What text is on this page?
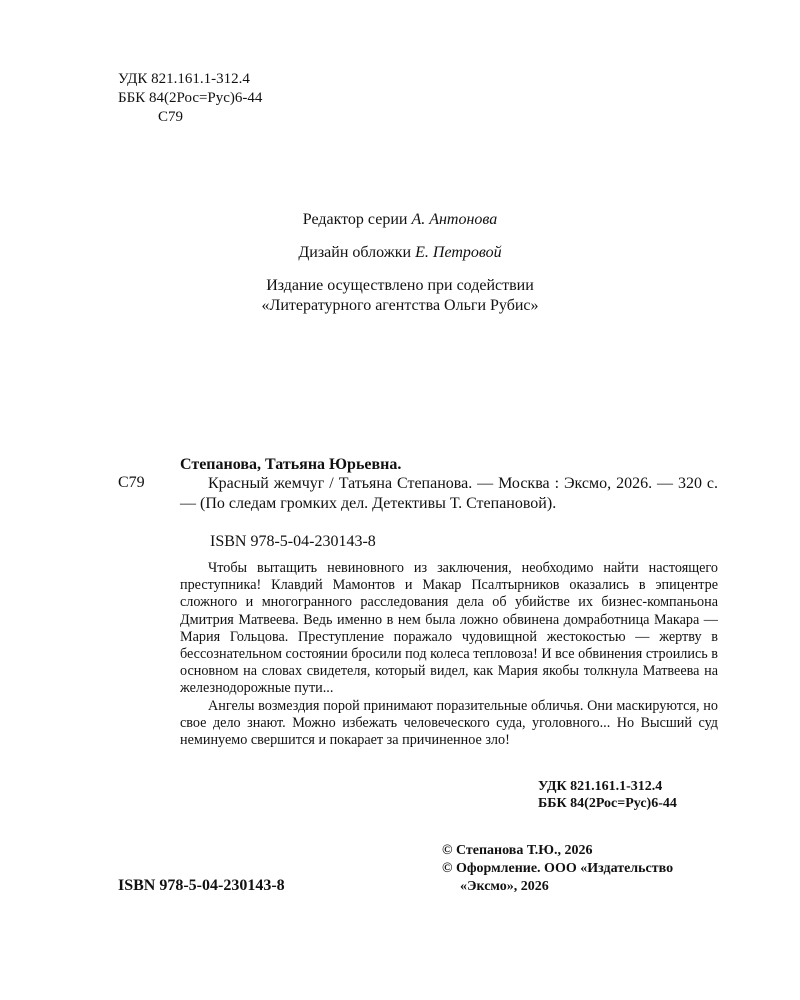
УДК 821.161.1-312.4
ББК 84(2Рос=Рус)6-44
С79
Редактор серии А. Антонова
Дизайн обложки Е. Петровой
Издание осуществлено при содействии
«Литературного агентства Ольги Рубис»
Степанова, Татьяна Юрьевна.
С79	Красный жемчуг / Татьяна Степанова. — Москва : Эксмо, 2026. — 320 с. — (По следам громких дел. Детективы Т. Степановой).
ISBN 978-5-04-230143-8

Чтобы вытащить невиновного из заключения, необходимо найти настоящего преступника! Клавдий Мамонтов и Макар Псалтырников оказались в эпицентре сложного и многогранного расследования дела об убийстве их бизнес-компаньона Дмитрия Матвеева. Ведь именно в нем была ложно обвинена домработница Макара — Мария Гольцова. Преступление поражало чудовищной жестокостью — жертву в бессознательном состоянии бросили под колеса тепловоза! И все обвинения строились в основном на словах свидетеля, который видел, как Мария якобы толкнула Матвеева на железнодорожные пути...

Ангелы возмездия порой принимают поразительные обличья. Они маскируются, но свое дело знают. Можно избежать человеческого суда, уголовного... Но Высший суд неминуемо свершится и покарает за причиненное зло!

УДК 821.161.1-312.4
ББК 84(2Рос=Рус)6-44
© Степанова Т.Ю., 2026
© Оформление. ООО «Издательство
«Эксмо», 2026
ISBN 978-5-04-230143-8
